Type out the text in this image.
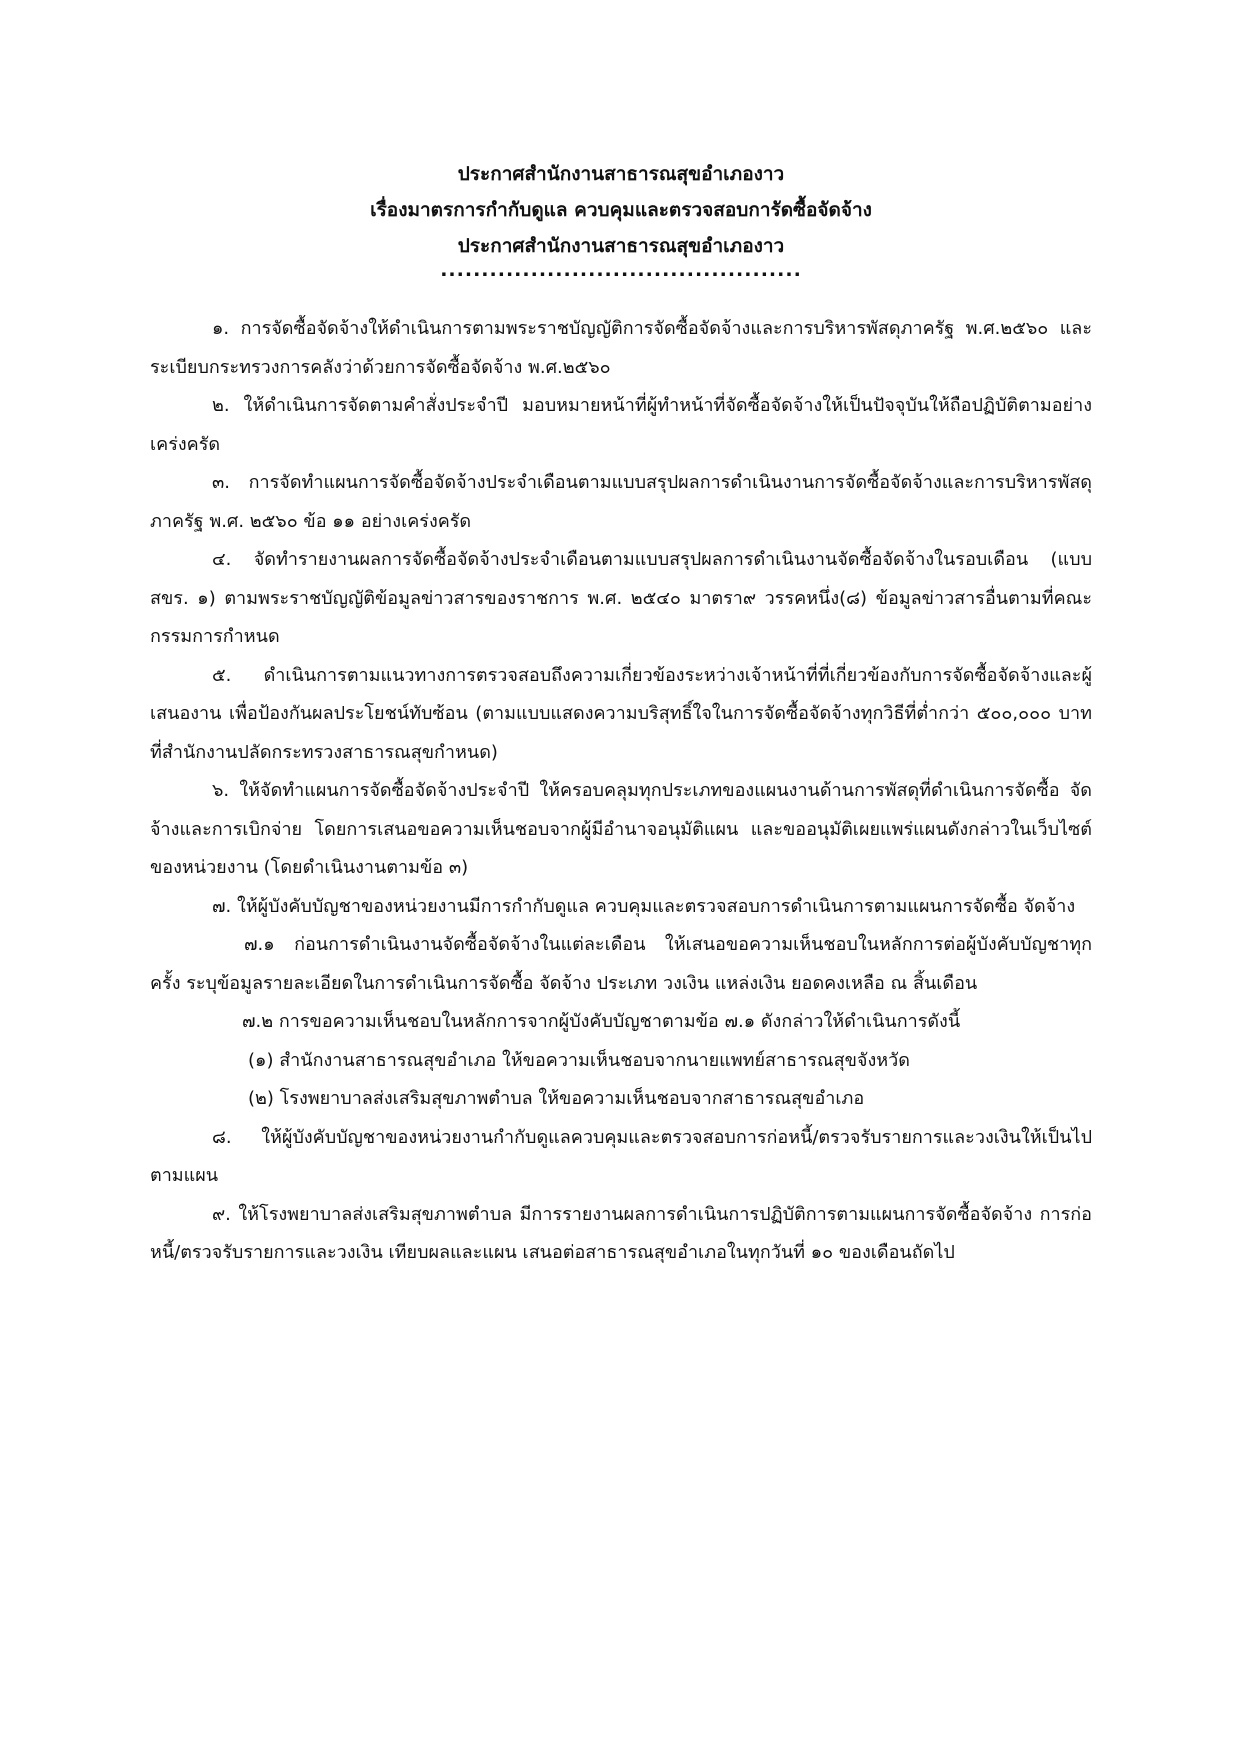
ประกาศสำนักงานสาธารณสุขอำเภองาว
เรื่องมาตรการกำกับดูแล ควบคุมและตรวจสอบการัดซื้อจัดจ้าง
ประกาศสำนักงานสาธารณสุขอำเภองาว
............................................

๑. การจัดซื้อจัดจ้างให้ดำเนินการตามพระราชบัญญัติการจัดซื้อจัดจ้างและการบริหารพัสดุภาครัฐ พ.ศ.๒๕๖๐ และระเบียบกระทรวงการคลังว่าด้วยการจัดซื้อจัดจ้าง พ.ศ.๒๕๖๐

๒. ให้ดำเนินการจัดตามคำสั่งประจำปี มอบหมายหน้าที่ผู้ทำหน้าที่จัดซื้อจัดจ้างให้เป็นปัจจุบันให้ถือปฏิบัติตามอย่างเคร่งครัด

๓. การจัดทำแผนการจัดซื้อจัดจ้างประจำเดือนตามแบบสรุปผลการดำเนินงานการจัดซื้อจัดจ้างและการบริหารพัสดุภาครัฐ พ.ศ. ๒๕๖๐ ข้อ ๑๑ อย่างเคร่งครัด

๔. จัดทำรายงานผลการจัดซื้อจัดจ้างประจำเดือนตามแบบสรุปผลการดำเนินงานจัดซื้อจัดจ้างในรอบเดือน (แบบ สขร. ๑) ตามพระราชบัญญัติข้อมูลข่าวสารของราชการ พ.ศ. ๒๕๔๐ มาตรา๙ วรรคหนึ่ง(๘) ข้อมูลข่าวสารอื่นตามที่คณะกรรมการกำหนด

๕. ดำเนินการตามแนวทางการตรวจสอบถึงความเกี่ยวข้องระหว่างเจ้าหน้าที่ที่เกี่ยวข้องกับการจัดซื้อจัดจ้างและผู้เสนองาน เพื่อป้องกันผลประโยชน์ทับซ้อน (ตามแบบแสดงความบริสุทธิ์ใจในการจัดซื้อจัดจ้างทุกวิธีที่ต่ำกว่า ๕๐๐,๐๐๐ บาทที่สำนักงานปลัดกระทรวงสาธารณสุขกำหนด)

๖. ให้จัดทำแผนการจัดซื้อจัดจ้างประจำปี ให้ครอบคลุมทุกประเภทของแผนงานด้านการพัสดุที่ดำเนินการจัดซื้อ จัดจ้างและการเบิกจ่าย โดยการเสนอขอความเห็นชอบจากผู้มีอำนาจอนุมัติแผน และขออนุมัติเผยแพร่แผนดังกล่าวในเว็บไซต์ของหน่วยงาน (โดยดำเนินงานตามข้อ ๓)

๗. ให้ผู้บังคับบัญชาของหน่วยงานมีการกำกับดูแล ควบคุมและตรวจสอบการดำเนินการตามแผนการจัดซื้อ จัดจ้าง

๗.๑ ก่อนการดำเนินงานจัดซื้อจัดจ้างในแต่ละเดือน ให้เสนอขอความเห็นชอบในหลักการต่อผู้บังคับบัญชาทุกครั้ง ระบุข้อมูลรายละเอียดในการดำเนินการจัดซื้อ จัดจ้าง ประเภท วงเงิน แหล่งเงิน ยอดคงเหลือ ณ สิ้นเดือน

๗.๒ การขอความเห็นชอบในหลักการจากผู้บังคับบัญชาตามข้อ ๗.๑ ดังกล่าวให้ดำเนินการดังนี้

(๑) สำนักงานสาธารณสุขอำเภอ ให้ขอความเห็นชอบจากนายแพทย์สาธารณสุขจังหวัด

(๒) โรงพยาบาลส่งเสริมสุขภาพตำบล ให้ขอความเห็นชอบจากสาธารณสุขอำเภอ

๘. ให้ผู้บังคับบัญชาของหน่วยงานกำกับดูแลควบคุมและตรวจสอบการก่อหนี้/ตรวจรับรายการและวงเงินให้เป็นไปตามแผน

๙. ให้โรงพยาบาลส่งเสริมสุขภาพตำบล มีการรายงานผลการดำเนินการปฏิบัติการตามแผนการจัดซื้อจัดจ้าง การก่อหนี้/ตรวจรับรายการและวงเงิน เทียบผลและแผน เสนอต่อสาธารณสุขอำเภอในทุกวันที่ ๑๐ ของเดือนถัดไป
